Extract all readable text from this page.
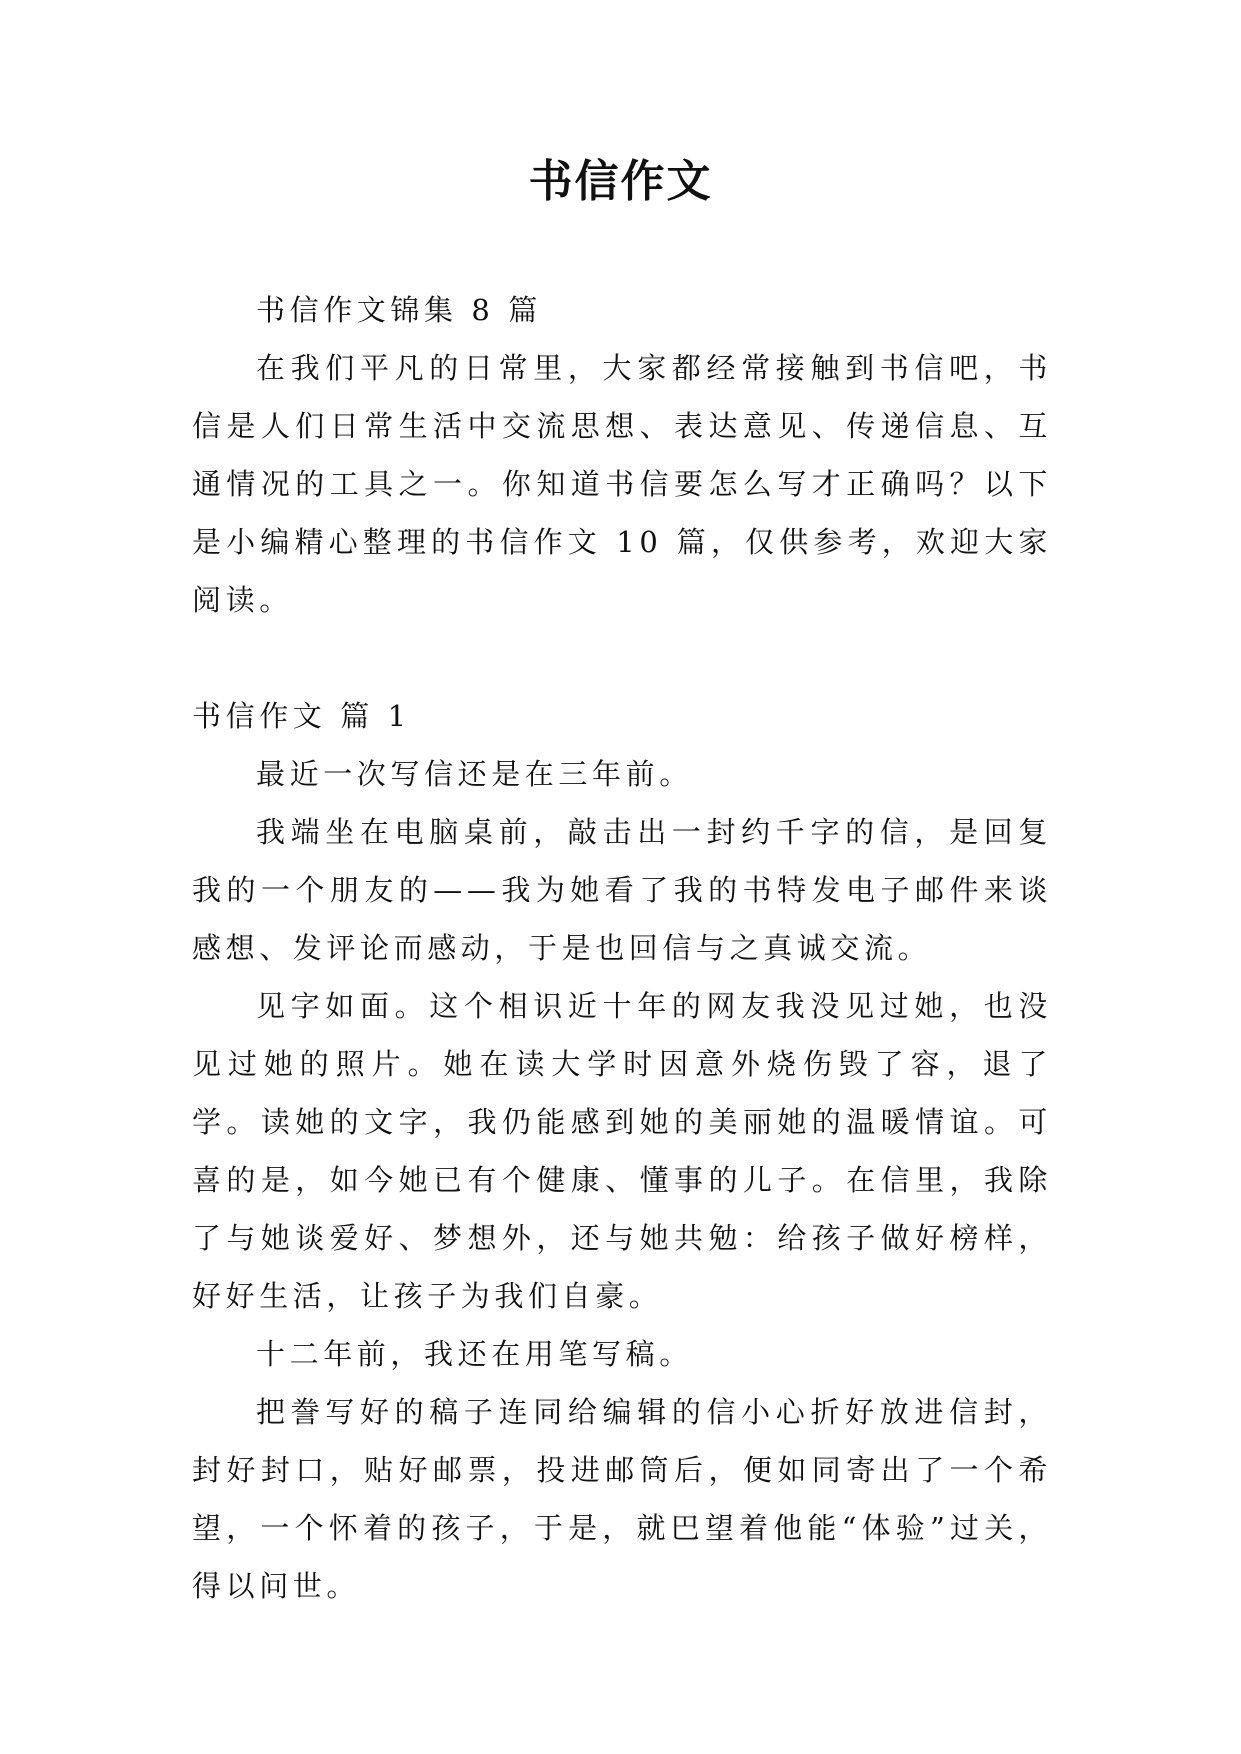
书信作文

书信作文锦集 8 篇

在我们平凡的日常里，大家都经常接触到书信吧，书信是人们日常生活中交流思想、表达意见、传递信息、互通情况的工具之一。你知道书信要怎么写才正确吗？以下是小编精心整理的书信作文 10 篇，仅供参考，欢迎大家阅读。

书信作文 篇 1

最近一次写信还是在三年前。

我端坐在电脑桌前，敲击出一封约千字的信，是回复我的一个朋友的——我为她看了我的书特发电子邮件来谈感想、发评论而感动，于是也回信与之真诚交流。

见字如面。这个相识近十年的网友我没见过她，也没见过她的照片。她在读大学时因意外烧伤毁了容，退了学。读她的文字，我仍能感到她的美丽她的温暖情谊。可喜的是，如今她已有个健康、懂事的儿子。在信里，我除了与她谈爱好、梦想外，还与她共勉：给孩子做好榜样，好好生活，让孩子为我们自豪。

十二年前，我还在用笔写稿。

把誊写好的稿子连同给编辑的信小心折好放进信封，封好封口，贴好邮票，投进邮筒后，便如同寄出了一个希望，一个怀着的孩子，于是，就巴望着他能“体验”过关，得以问世。
